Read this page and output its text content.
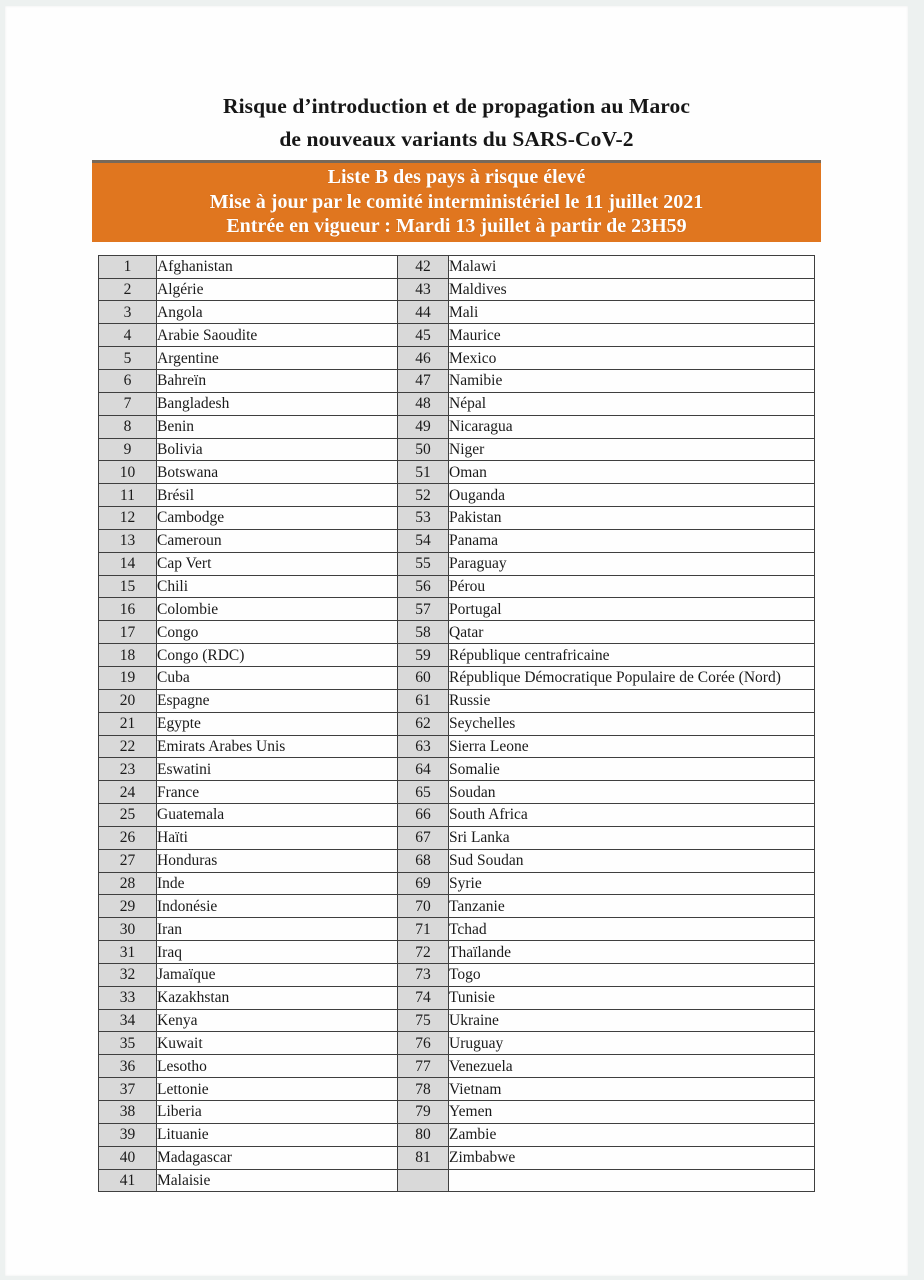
Risque d’introduction et de propagation au Maroc
de nouveaux variants du SARS-CoV-2
Liste B des pays à risque élevé
Mise à jour par le comité interministériel le 11 juillet 2021
Entrée en vigueur : Mardi 13 juillet à partir de 23H59
1	Afghanistan	42	Malawi
2	Algérie	43	Maldives
3	Angola	44	Mali
4	Arabie Saoudite	45	Maurice
5	Argentine	46	Mexico
6	Bahreïn	47	Namibie
7	Bangladesh	48	Népal
8	Benin	49	Nicaragua
9	Bolivia	50	Niger
10	Botswana	51	Oman
11	Brésil	52	Ouganda
12	Cambodge	53	Pakistan
13	Cameroun	54	Panama
14	Cap Vert	55	Paraguay
15	Chili	56	Pérou
16	Colombie	57	Portugal
17	Congo	58	Qatar
18	Congo (RDC)	59	République centrafricaine
19	Cuba	60	République Démocratique Populaire de Corée (Nord)
20	Espagne	61	Russie
21	Egypte	62	Seychelles
22	Emirats Arabes Unis	63	Sierra Leone
23	Eswatini	64	Somalie
24	France	65	Soudan
25	Guatemala	66	South Africa
26	Haïti	67	Sri Lanka
27	Honduras	68	Sud Soudan
28	Inde	69	Syrie
29	Indonésie	70	Tanzanie
30	Iran	71	Tchad
31	Iraq	72	Thaïlande
32	Jamaïque	73	Togo
33	Kazakhstan	74	Tunisie
34	Kenya	75	Ukraine
35	Kuwait	76	Uruguay
36	Lesotho	77	Venezuela
37	Lettonie	78	Vietnam
38	Liberia	79	Yemen
39	Lituanie	80	Zambie
40	Madagascar	81	Zimbabwe
41	Malaisie		
